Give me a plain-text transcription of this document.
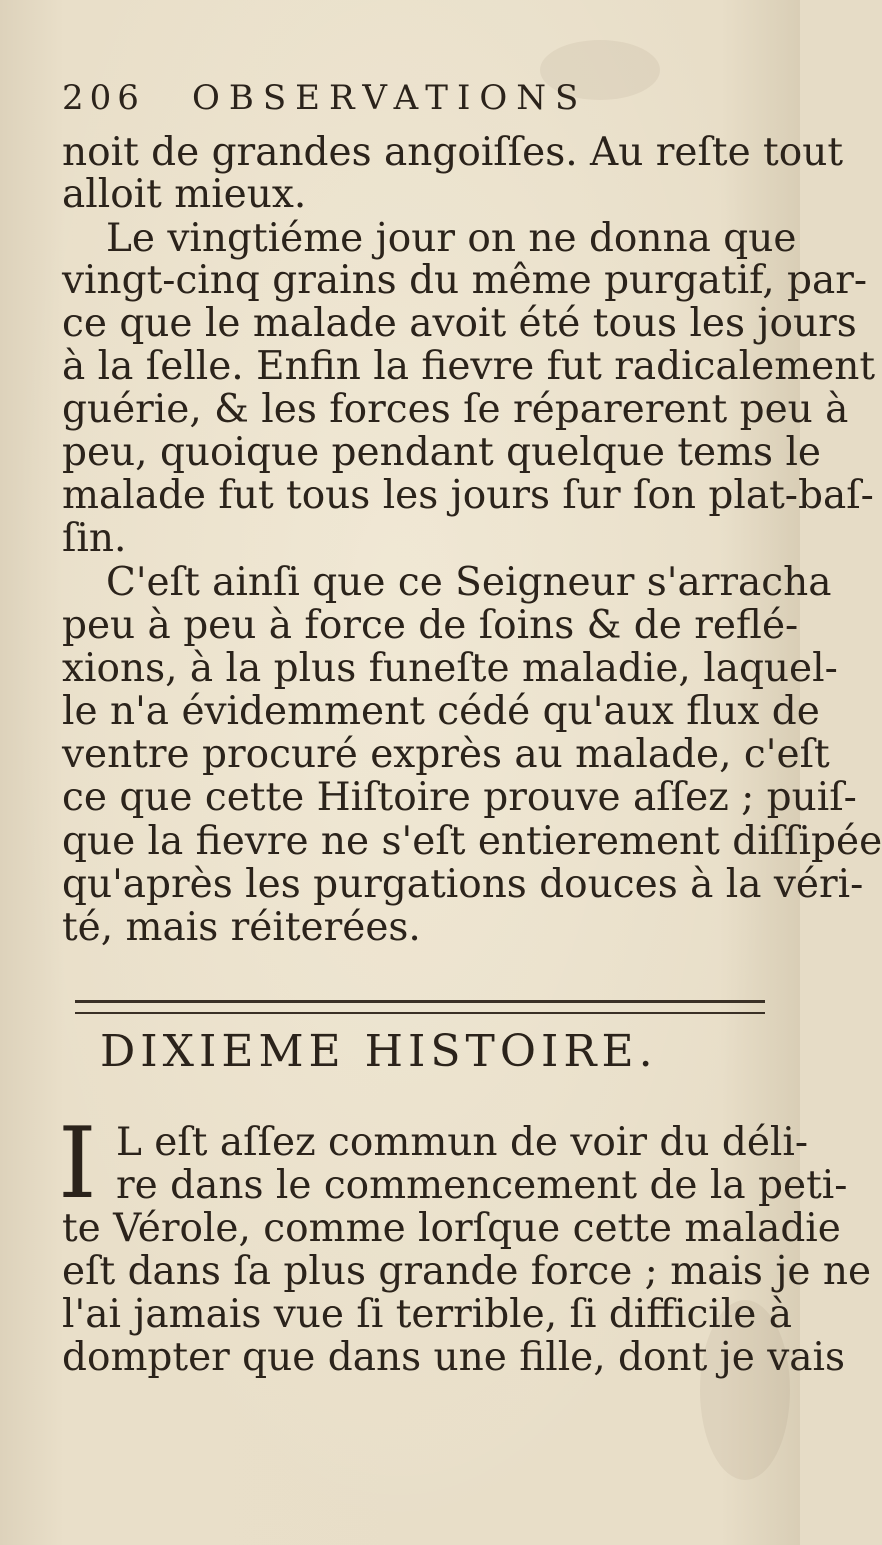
206 OBSERVATIONS
noit de grandes angoiſſes. Au reſte tout
alloit mieux.
Le vingtiéme jour on ne donna que
vingt-cinq grains du même purgatif, par-
ce que le malade avoit été tous les jours
à la ſelle. Enfin la fievre fut radicalement
guérie, & les forces ſe réparerent peu à
peu, quoique pendant quelque tems le
malade fut tous les jours ſur ſon plat-baſ-
ſin.
C'eſt ainſi que ce Seigneur s'arracha
peu à peu à force de ſoins & de reflé-
xions, à la plus funeſte maladie, laquel-
le n'a évidemment cédé qu'aux flux de
ventre procuré exprès au malade, c'eſt
ce que cette Hiſtoire prouve aſſez ; puiſ-
que la fievre ne s'eſt entierement diſſipée
qu'après les purgations douces à la véri-
té, mais réiterées.
DIXIEME HISTOIRE.
I L eſt aſſez commun de voir du déli-
re dans le commencement de la peti-
te Vérole, comme lorſque cette maladie
eſt dans ſa plus grande force ; mais je ne
l'ai jamais vue ſi terrible, ſi difficile à
dompter que dans une fille, dont je vais
